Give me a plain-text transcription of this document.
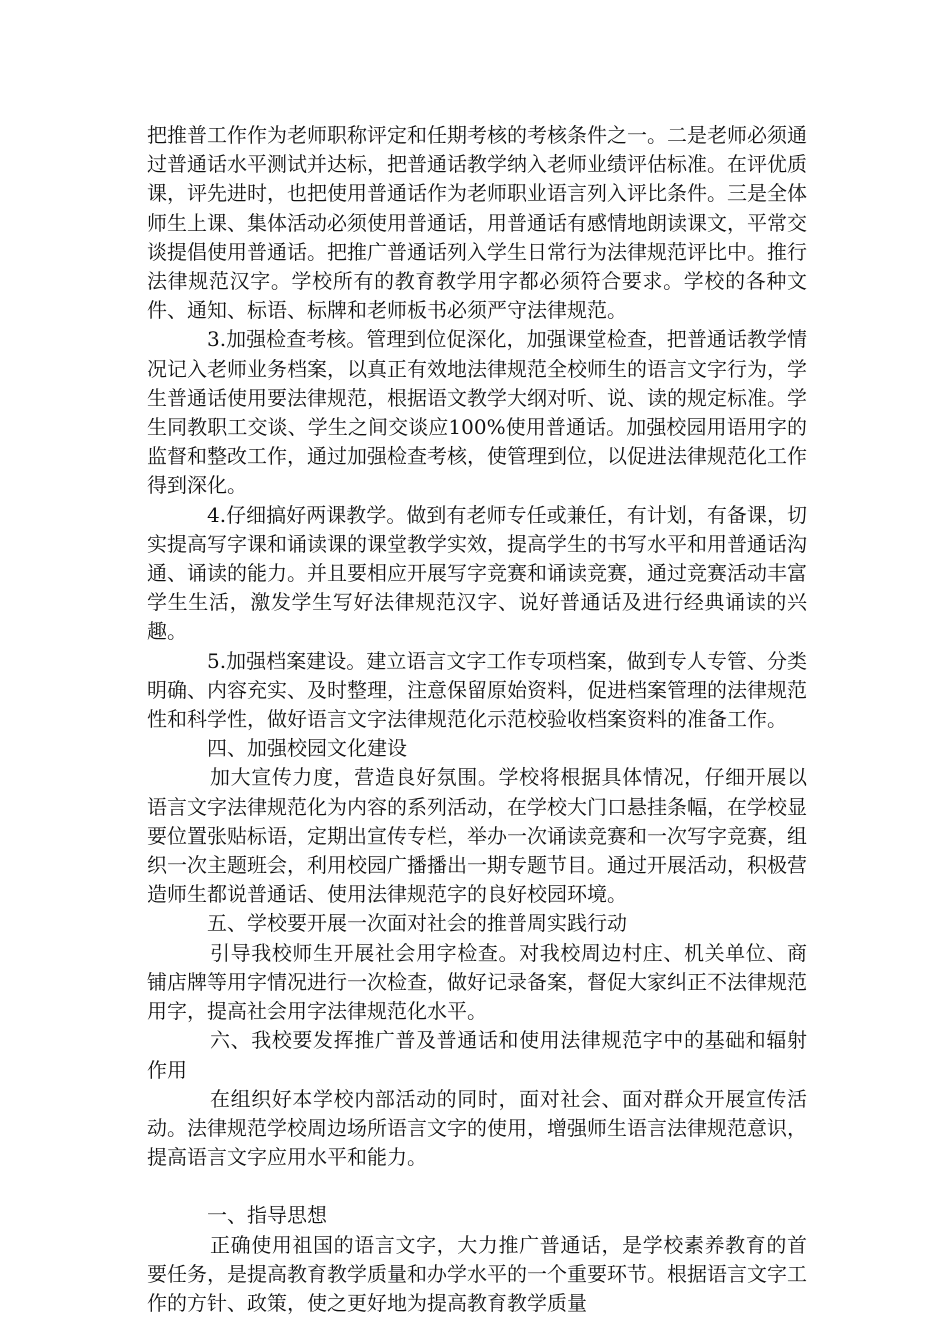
把推普工作作为老师职称评定和任期考核的考核条件之一。二是老师必须通过普通话水平测试并达标，把普通话教学纳入老师业绩评估标准。在评优质课，评先进时，也把使用普通话作为老师职业语言列入评比条件。三是全体师生上课、集体活动必须使用普通话，用普通话有感情地朗读课文，平常交谈提倡使用普通话。把推广普通话列入学生日常行为法律规范评比中。推行法律规范汉字。学校所有的教育教学用字都必须符合要求。学校的各种文件、通知、标语、标牌和老师板书必须严守法律规范。

3.加强检查考核。管理到位促深化，加强课堂检查，把普通话教学情况记入老师业务档案，以真正有效地法律规范全校师生的语言文字行为，学生普通话使用要法律规范，根据语文教学大纲对听、说、读的规定标准。学生同教职工交谈、学生之间交谈应100%使用普通话。加强校园用语用字的监督和整改工作，通过加强检查考核，使管理到位，以促进法律规范化工作得到深化。

4.仔细搞好两课教学。做到有老师专任或兼任，有计划，有备课，切实提高写字课和诵读课的课堂教学实效，提高学生的书写水平和用普通话沟通、诵读的能力。并且要相应开展写字竞赛和诵读竞赛，通过竞赛活动丰富学生生活，激发学生写好法律规范汉字、说好普通话及进行经典诵读的兴趣。

5.加强档案建设。建立语言文字工作专项档案，做到专人专管、分类明确、内容充实、及时整理，注意保留原始资料，促进档案管理的法律规范性和科学性，做好语言文字法律规范化示范校验收档案资料的准备工作。

四、加强校园文化建设

加大宣传力度，营造良好氛围。学校将根据具体情况，仔细开展以语言文字法律规范化为内容的系列活动，在学校大门口悬挂条幅，在学校显要位置张贴标语，定期出宣传专栏，举办一次诵读竞赛和一次写字竞赛，组织一次主题班会，利用校园广播播出一期专题节目。通过开展活动，积极营造师生都说普通话、使用法律规范字的良好校园环境。

五、学校要开展一次面对社会的推普周实践行动

引导我校师生开展社会用字检查。对我校周边村庄、机关单位、商铺店牌等用字情况进行一次检查，做好记录备案，督促大家纠正不法律规范用字，提高社会用字法律规范化水平。

六、我校要发挥推广普及普通话和使用法律规范字中的基础和辐射作用

在组织好本学校内部活动的同时，面对社会、面对群众开展宣传活动。法律规范学校周边场所语言文字的使用，增强师生语言法律规范意识，提高语言文字应用水平和能力。

一、指导思想

正确使用祖国的语言文字，大力推广普通话，是学校素养教育的首要任务，是提高教育教学质量和办学水平的一个重要环节。根据语言文字工作的方针、政策，使之更好地为提高教育教学质量
